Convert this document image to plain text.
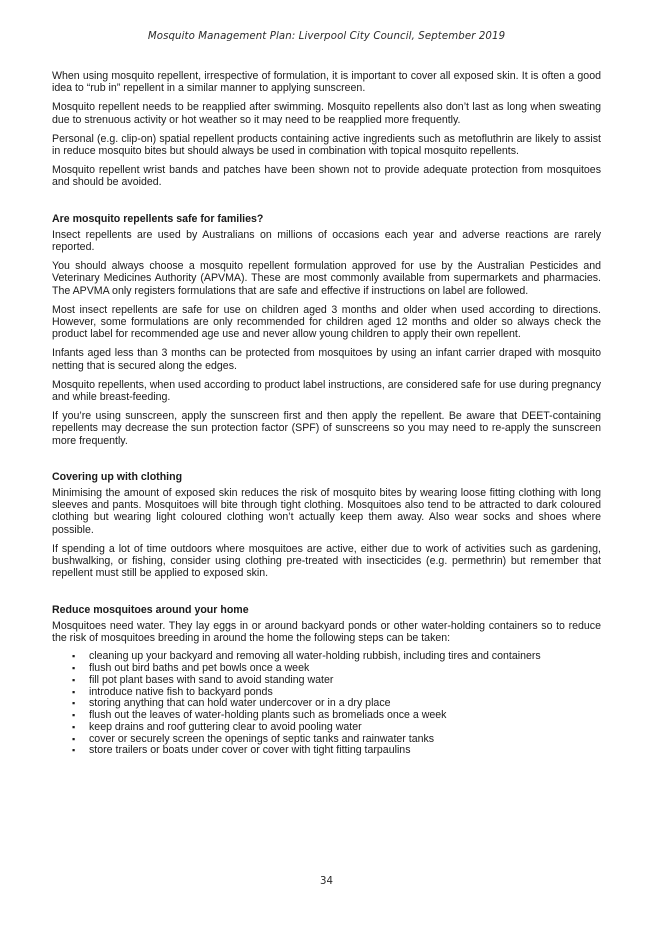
Mosquito Management Plan: Liverpool City Council, September 2019

When using mosquito repellent, irrespective of formulation, it is important to cover all exposed skin. It is often a good idea to “rub in” repellent in a similar manner to applying sunscreen.

Mosquito repellent needs to be reapplied after swimming. Mosquito repellents also don’t last as long when sweating due to strenuous activity or hot weather so it may need to be reapplied more frequently.

Personal (e.g. clip-on) spatial repellent products containing active ingredients such as metofluthrin are likely to assist in reduce mosquito bites but should always be used in combination with topical mosquito repellents.

Mosquito repellent wrist bands and patches have been shown not to provide adequate protection from mosquitoes and should be avoided.

Are mosquito repellents safe for families?

Insect repellents are used by Australians on millions of occasions each year and adverse reactions are rarely reported.

You should always choose a mosquito repellent formulation approved for use by the Australian Pesticides and Veterinary Medicines Authority (APVMA). These are most commonly available from supermarkets and pharmacies. The APVMA only registers formulations that are safe and effective if instructions on label are followed.

Most insect repellents are safe for use on children aged 3 months and older when used according to directions. However, some formulations are only recommended for children aged 12 months and older so always check the product label for recommended age use and never allow young children to apply their own repellent.

Infants aged less than 3 months can be protected from mosquitoes by using an infant carrier draped with mosquito netting that is secured along the edges.

Mosquito repellents, when used according to product label instructions, are considered safe for use during pregnancy and while breast-feeding.

If you’re using sunscreen, apply the sunscreen first and then apply the repellent. Be aware that DEET-containing repellents may decrease the sun protection factor (SPF) of sunscreens so you may need to re-apply the sunscreen more frequently.

Covering up with clothing

Minimising the amount of exposed skin reduces the risk of mosquito bites by wearing loose fitting clothing with long sleeves and pants. Mosquitoes will bite through tight clothing. Mosquitoes also tend to be attracted to dark coloured clothing but wearing light coloured clothing won’t actually keep them away. Also wear socks and shoes where possible.

If spending a lot of time outdoors where mosquitoes are active, either due to work of activities such as gardening, bushwalking, or fishing, consider using clothing pre-treated with insecticides (e.g. permethrin) but remember that repellent must still be applied to exposed skin.

Reduce mosquitoes around your home

Mosquitoes need water. They lay eggs in or around backyard ponds or other water-holding containers so to reduce the risk of mosquitoes breeding in around the home the following steps can be taken:

▪ cleaning up your backyard and removing all water-holding rubbish, including tires and containers
▪ flush out bird baths and pet bowls once a week
▪ fill pot plant bases with sand to avoid standing water
▪ introduce native fish to backyard ponds
▪ storing anything that can hold water undercover or in a dry place
▪ flush out the leaves of water-holding plants such as bromeliads once a week
▪ keep drains and roof guttering clear to avoid pooling water
▪ cover or securely screen the openings of septic tanks and rainwater tanks
▪ store trailers or boats under cover or cover with tight fitting tarpaulins
34
